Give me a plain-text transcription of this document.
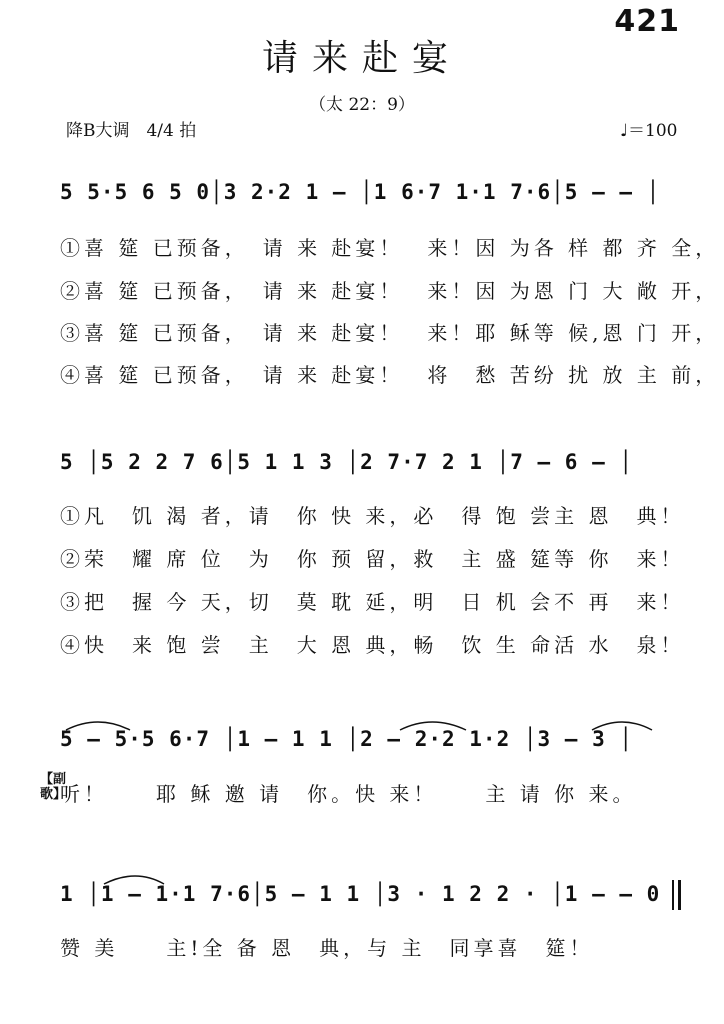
421
请来赴宴
（太 22：9）
降B大调　4/4 拍	♩＝100
5 5·5 6 5 0│3 2·2 1 – │1 6·7 1·1 7·6│5 – – │
①喜 筵 已预备，　请 来 赴宴！　来！因 为各 样 都 齐 全，
②喜 筵 已预备，　请 来 赴宴！　来！因 为恩 门 大 敞 开，
③喜 筵 已预备，　请 来 赴宴！　来！耶 稣等 候,恩 门 开，
④喜 筵 已预备，　请 来 赴宴！　将　愁 苦纷 扰 放 主 前，
5 │5 2 2 7 6│5 1 1 3 │2 7·7 2 1 │7 – 6 – │
①凡　饥 渴 者，请　你 快 来，必　得 饱 尝主 恩　典！
②荣　耀 席 位　为　你 预 留，救　主 盛 筵等 你　来！
③把　握 今 天，切　莫 耽 延，明　日 机 会不 再　来！
④快　来 饱 尝　主　大 恩 典，畅　饮 生 命活 水　泉！
5 – 5·5 6·7 │1 – 1 1 │2 – 2·2 1·2 │3 – 3 │
【副歌】
听！　　耶 稣 邀 请　你。快 来！　　主 请 你 来。
1 │1 – 1·1 7·6│5 – 1 1 │3 · 1 2 2 · │1 – – 0
赞 美　　主!全 备 恩　典，与 主　同享喜　筵！
